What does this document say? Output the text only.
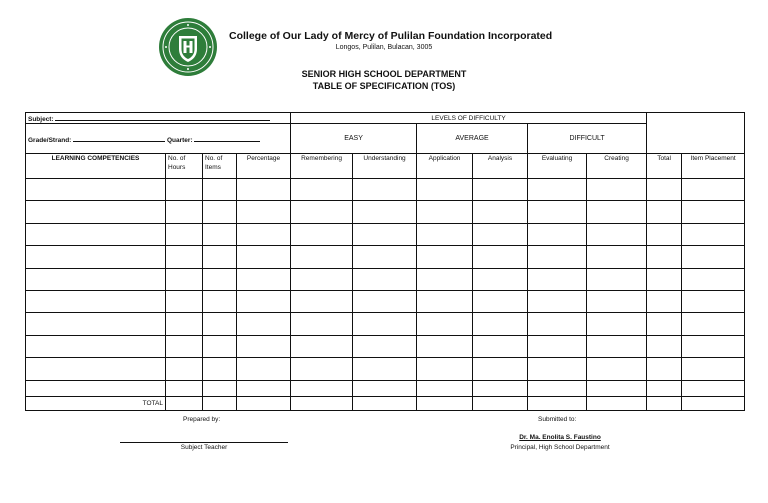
College of Our Lady of Mercy of Pulilan Foundation Incorporated
Longos, Pulilan, Bulacan, 3005
SENIOR HIGH SCHOOL DEPARTMENT
TABLE OF SPECIFICATION (TOS)
Subject:				LEVELS OF DIFFICULTY							
Grade/Strand: Quarter:				EASY		AVERAGE		DIFFICULT			
LEARNING COMPETENCIES	No. of Hours	No. of Items	Percentage	Remembering	Understanding	Application	Analysis	Evaluating	Creating	Total	Item Placement

TOTAL											
Prepared by:
Subject Teacher
Submitted to:
Dr. Ma. Enolita S. Faustino
Principal, High School Department
